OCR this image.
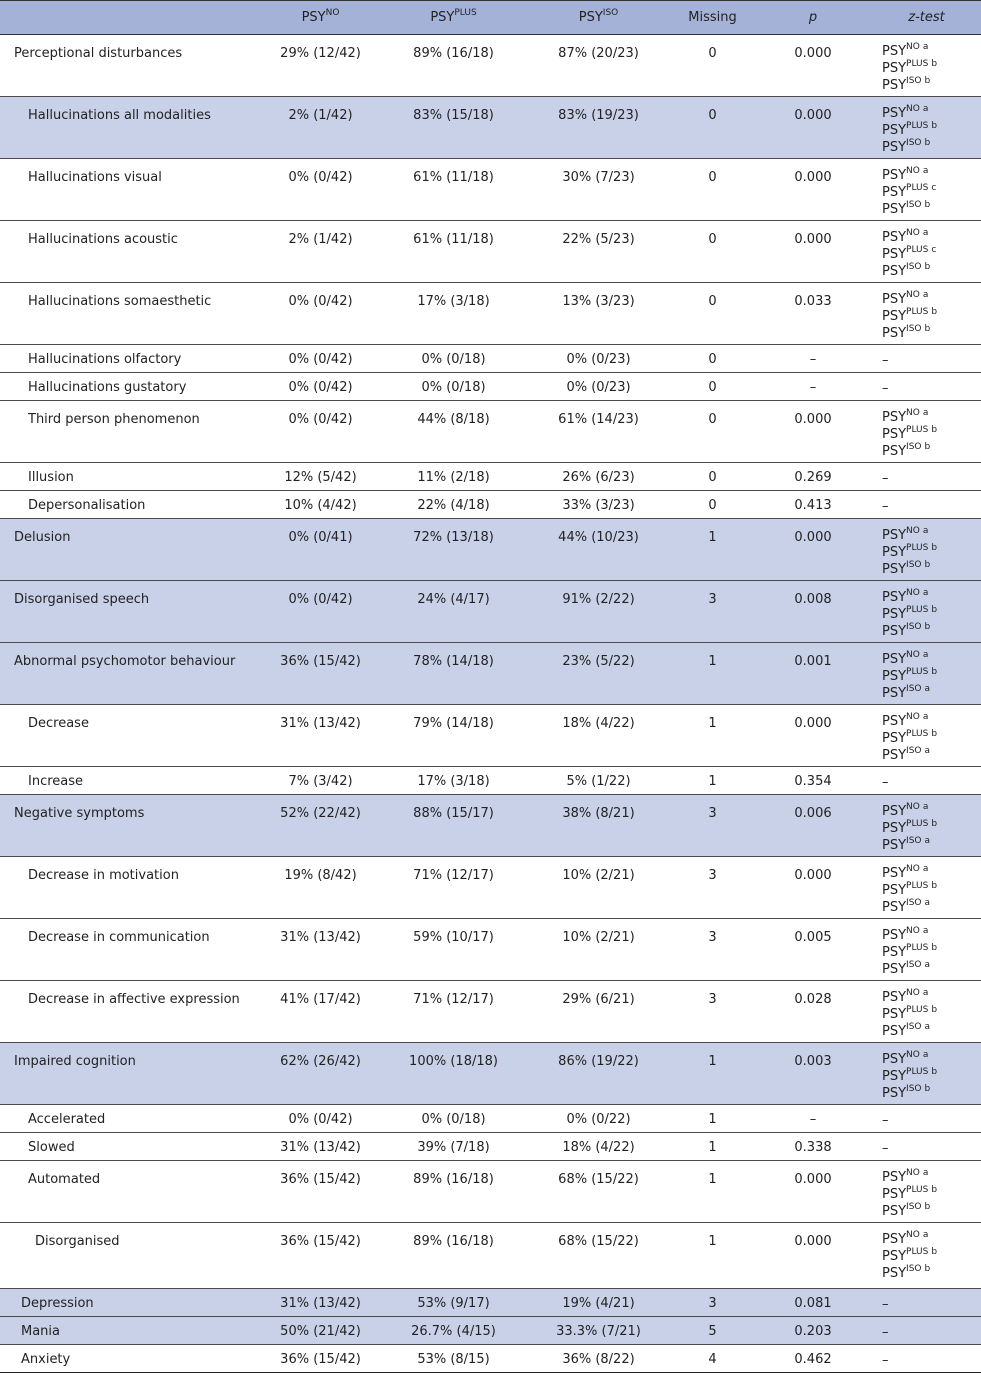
	$PSY^{NO}$	$PSY^{PLUS}$	$PSY^{ISO}$	Missing	p	z-test
Perceptional disturbances	29% (12/42)	89% (16/18)	87% (20/23)	0	0.000	$PSY^{NO}$ $^a$
$PSY^{PLUS}$ $^b$
$PSY^{ISO}$ $^b$

Hallucinations all modalities	2% (1/42)	83% (15/18)	83% (19/23)	0	0.000	$PSY^{NO}$ $^a$
$PSY^{PLUS}$ $^b$
$PSY^{ISO}$ $^b$

Hallucinations visual	0% (0/42)	61% (11/18)	30% (7/23)	0	0.000	$PSY^{NO}$ $^a$
$PSY^{PLUS}$ $^c$
$PSY^{ISO}$ $^b$

Hallucinations acoustic	2% (1/42)	61% (11/18)	22% (5/23)	0	0.000	$PSY^{NO}$ $^a$
$PSY^{PLUS}$ $^c$
$PSY^{ISO}$ $^b$

Hallucinations somaesthetic	0% (0/42)	17% (3/18)	13% (3/23)	0	0.033	$PSY^{NO}$ $^a$
$PSY^{PLUS}$ $^b$
$PSY^{ISO}$ $^b$

Hallucinations olfactory	0% (0/42)	0% (0/18)	0% (0/23)	0	–	–
Hallucinations gustatory	0% (0/42)	0% (0/18)	0% (0/23)	0	–	–
Third person phenomenon	0% (0/42)	44% (8/18)	61% (14/23)	0	0.000	$PSY^{NO}$ $^a$
$PSY^{PLUS}$ $^b$
$PSY^{ISO}$ $^b$

Illusion	12% (5/42)	11% (2/18)	26% (6/23)	0	0.269	–
Depersonalisation	10% (4/42)	22% (4/18)	33% (3/23)	0	0.413	–
Delusion	0% (0/41)	72% (13/18)	44% (10/23)	1	0.000	$PSY^{NO}$ $^a$
$PSY^{PLUS}$ $^b$
$PSY^{ISO}$ $^b$

Disorganised speech	0% (0/42)	24% (4/17)	91% (2/22)	3	0.008	$PSY^{NO}$ $^a$
$PSY^{PLUS}$ $^b$
$PSY^{ISO}$ $^b$

Abnormal psychomotor behaviour	36% (15/42)	78% (14/18)	23% (5/22)	1	0.001	$PSY^{NO}$ $^a$
$PSY^{PLUS}$ $^b$
$PSY^{ISO}$ $^a$

Decrease	31% (13/42)	79% (14/18)	18% (4/22)	1	0.000	$PSY^{NO}$ $^a$
$PSY^{PLUS}$ $^b$
$PSY^{ISO}$ $^a$

Increase	7% (3/42)	17% (3/18)	5% (1/22)	1	0.354	–
Negative symptoms	52% (22/42)	88% (15/17)	38% (8/21)	3	0.006	$PSY^{NO}$ $^a$
$PSY^{PLUS}$ $^b$
$PSY^{ISO}$ $^a$

Decrease in motivation	19% (8/42)	71% (12/17)	10% (2/21)	3	0.000	$PSY^{NO}$ $^a$
$PSY^{PLUS}$ $^b$
$PSY^{ISO}$ $^a$

Decrease in communication	31% (13/42)	59% (10/17)	10% (2/21)	3	0.005	$PSY^{NO}$ $^a$
$PSY^{PLUS}$ $^b$
$PSY^{ISO}$ $^a$

Decrease in affective expression	41% (17/42)	71% (12/17)	29% (6/21)	3	0.028	$PSY^{NO}$ $^a$
$PSY^{PLUS}$ $^b$
$PSY^{ISO}$ $^a$

Impaired cognition	62% (26/42)	100% (18/18)	86% (19/22)	1	0.003	$PSY^{NO}$ $^a$
$PSY^{PLUS}$ $^b$
$PSY^{ISO}$ $^b$

Accelerated	0% (0/42)	0% (0/18)	0% (0/22)	1	–	–
Slowed	31% (13/42)	39% (7/18)	18% (4/22)	1	0.338	–
Automated	36% (15/42)	89% (16/18)	68% (15/22)	1	0.000	$PSY^{NO}$ $^a$
$PSY^{PLUS}$ $^b$
$PSY^{ISO}$ $^b$

Disorganised	36% (15/42)	89% (16/18)	68% (15/22)	1	0.000	$PSY^{NO}$ $^a$
$PSY^{PLUS}$ $^b$
$PSY^{ISO}$ $^b$

Depression	31% (13/42)	53% (9/17)	19% (4/21)	3	0.081	–
Mania	50% (21/42)	26.7% (4/15)	33.3% (7/21)	5	0.203	–
Anxiety	36% (15/42)	53% (8/15)	36% (8/22)	4	0.462	–
